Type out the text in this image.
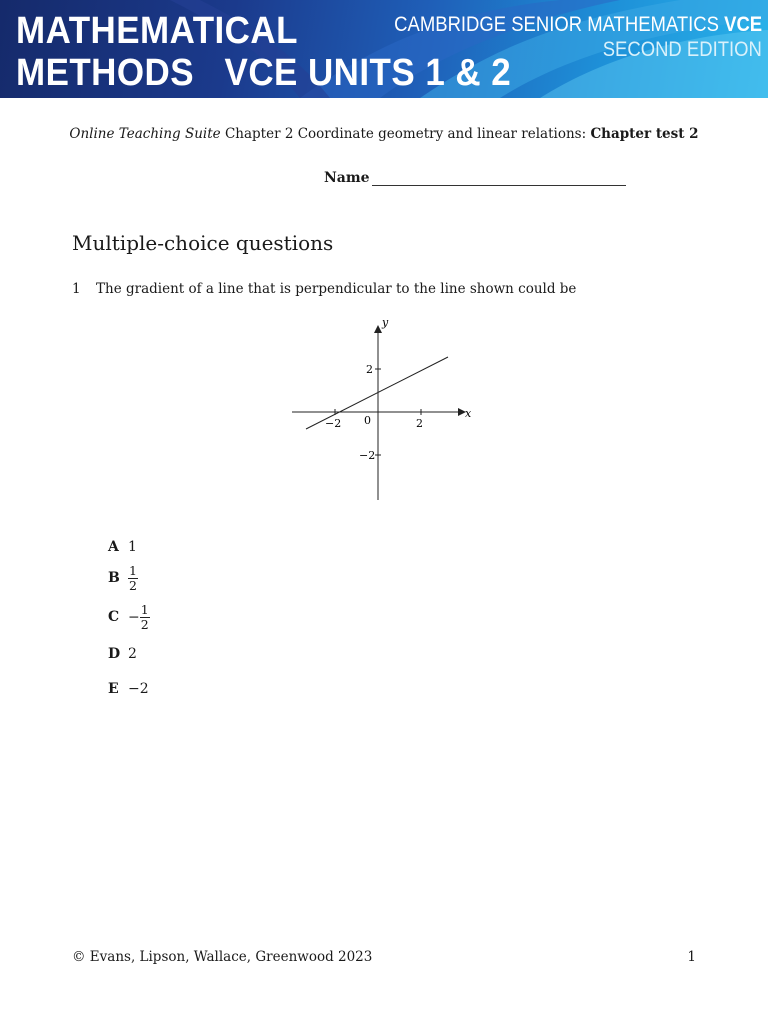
MATHEMATICAL
METHODS   VCE UNITS 1 & 2
CAMBRIDGE SENIOR MATHEMATICS VCE
SECOND EDITION
Online Teaching Suite Chapter 2 Coordinate geometry and linear relations: Chapter test 2
Name
Multiple-choice questions
1 The gradient of a line that is perpendicular to the line shown could be
x
y
−2	2
2
−2
0
A 1
B $\frac{1}{2}$
$C - \frac{1}{2}$
D 2
E −2
© Evans, Lipson, Wallace, Greenwood 2023	1
